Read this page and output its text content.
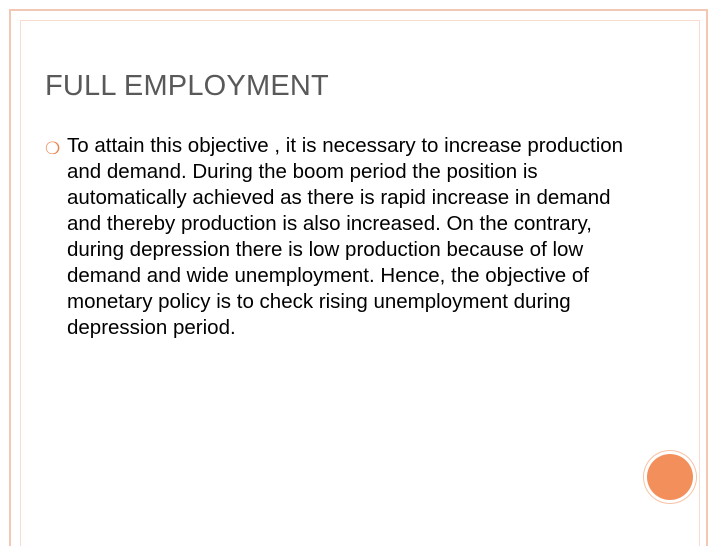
FULL EMPLOYMENT
❍ To attain this objective , it is necessary to increase production and demand. During the boom period the position is automatically achieved as there is rapid increase in demand and thereby production is also increased. On the contrary, during depression there is low production because of low demand and wide unemployment. Hence, the objective of monetary policy is to check rising unemployment during depression period.
